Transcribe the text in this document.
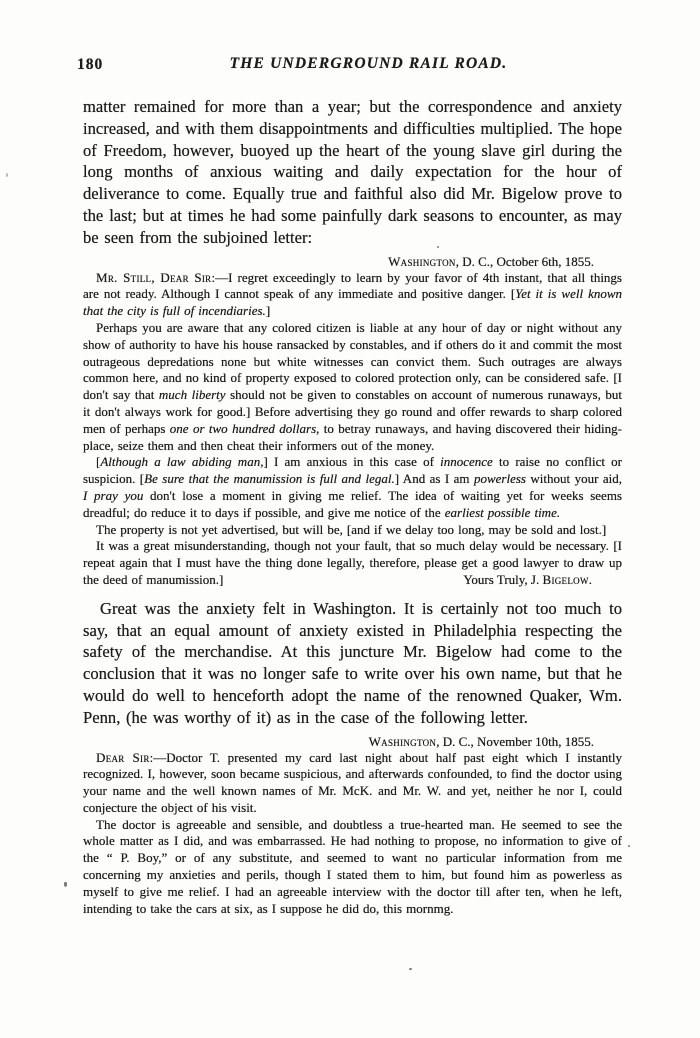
180	THE UNDERGROUND RAIL ROAD.

matter remained for more than a year; but the correspondence and anxiety increased, and with them disappointments and difficulties multiplied. The hope of Freedom, however, buoyed up the heart of the young slave girl during the long months of anxious waiting and daily expectation for the hour of deliverance to come. Equally true and faithful also did Mr. Bigelow prove to the last; but at times he had some painfully dark seasons to encounter, as may be seen from the subjoined letter:

Washington, D. C., October 6th, 1855.

Mr. Still, Dear Sir:—I regret exceedingly to learn by your favor of 4th instant, that all things are not ready. Although I cannot speak of any immediate and positive danger. [Yet it is well known that the city is full of incendiaries.]

Perhaps you are aware that any colored citizen is liable at any hour of day or night without any show of authority to have his house ransacked by constables, and if others do it and commit the most outrageous depredations none but white witnesses can convict them. Such outrages are always common here, and no kind of property exposed to colored protection only, can be considered safe. [I don't say that much liberty should not be given to constables on account of numerous runaways, but it don't always work for good.] Before advertising they go round and offer rewards to sharp colored men of perhaps one or two hundred dollars, to betray runaways, and having discovered their hiding-place, seize them and then cheat their informers out of the money.

[Although a law abiding man,] I am anxious in this case of innocence to raise no conflict or suspicion. [Be sure that the manumission is full and legal.] And as I am powerless without your aid, I pray you don't lose a moment in giving me relief. The idea of waiting yet for weeks seems dreadful; do reduce it to days if possible, and give me notice of the earliest possible time.

The property is not yet advertised, but will be, [and if we delay too long, may be sold and lost.]

It was a great misunderstanding, though not your fault, that so much delay would be necessary. [I repeat again that I must have the thing done legally, therefore, please get a good lawyer to draw up the deed of manumission.]	Yours Truly, J. Bigelow.

Great was the anxiety felt in Washington. It is certainly not too much to say, that an equal amount of anxiety existed in Philadelphia respecting the safety of the merchandise. At this juncture Mr. Bigelow had come to the conclusion that it was no longer safe to write over his own name, but that he would do well to henceforth adopt the name of the renowned Quaker, Wm. Penn, (he was worthy of it) as in the case of the following letter.

Washington, D. C., November 10th, 1855.

Dear Sir:—Doctor T. presented my card last night about half past eight which I instantly recognized. I, however, soon became suspicious, and afterwards confounded, to find the doctor using your name and the well known names of Mr. McK. and Mr. W. and yet, neither he nor I, could conjecture the object of his visit.

The doctor is agreeable and sensible, and doubtless a true-hearted man. He seemed to see the whole matter as I did, and was embarrassed. He had nothing to propose, no information to give of the “ P. Boy,” or of any substitute, and seemed to want no particular information from me concerning my anxieties and perils, though I stated them to him, but found him as powerless as myself to give me relief. I had an agreeable interview with the doctor till after ten, when he left, intending to take the cars at six, as I suppose he did do, this mornmg.
